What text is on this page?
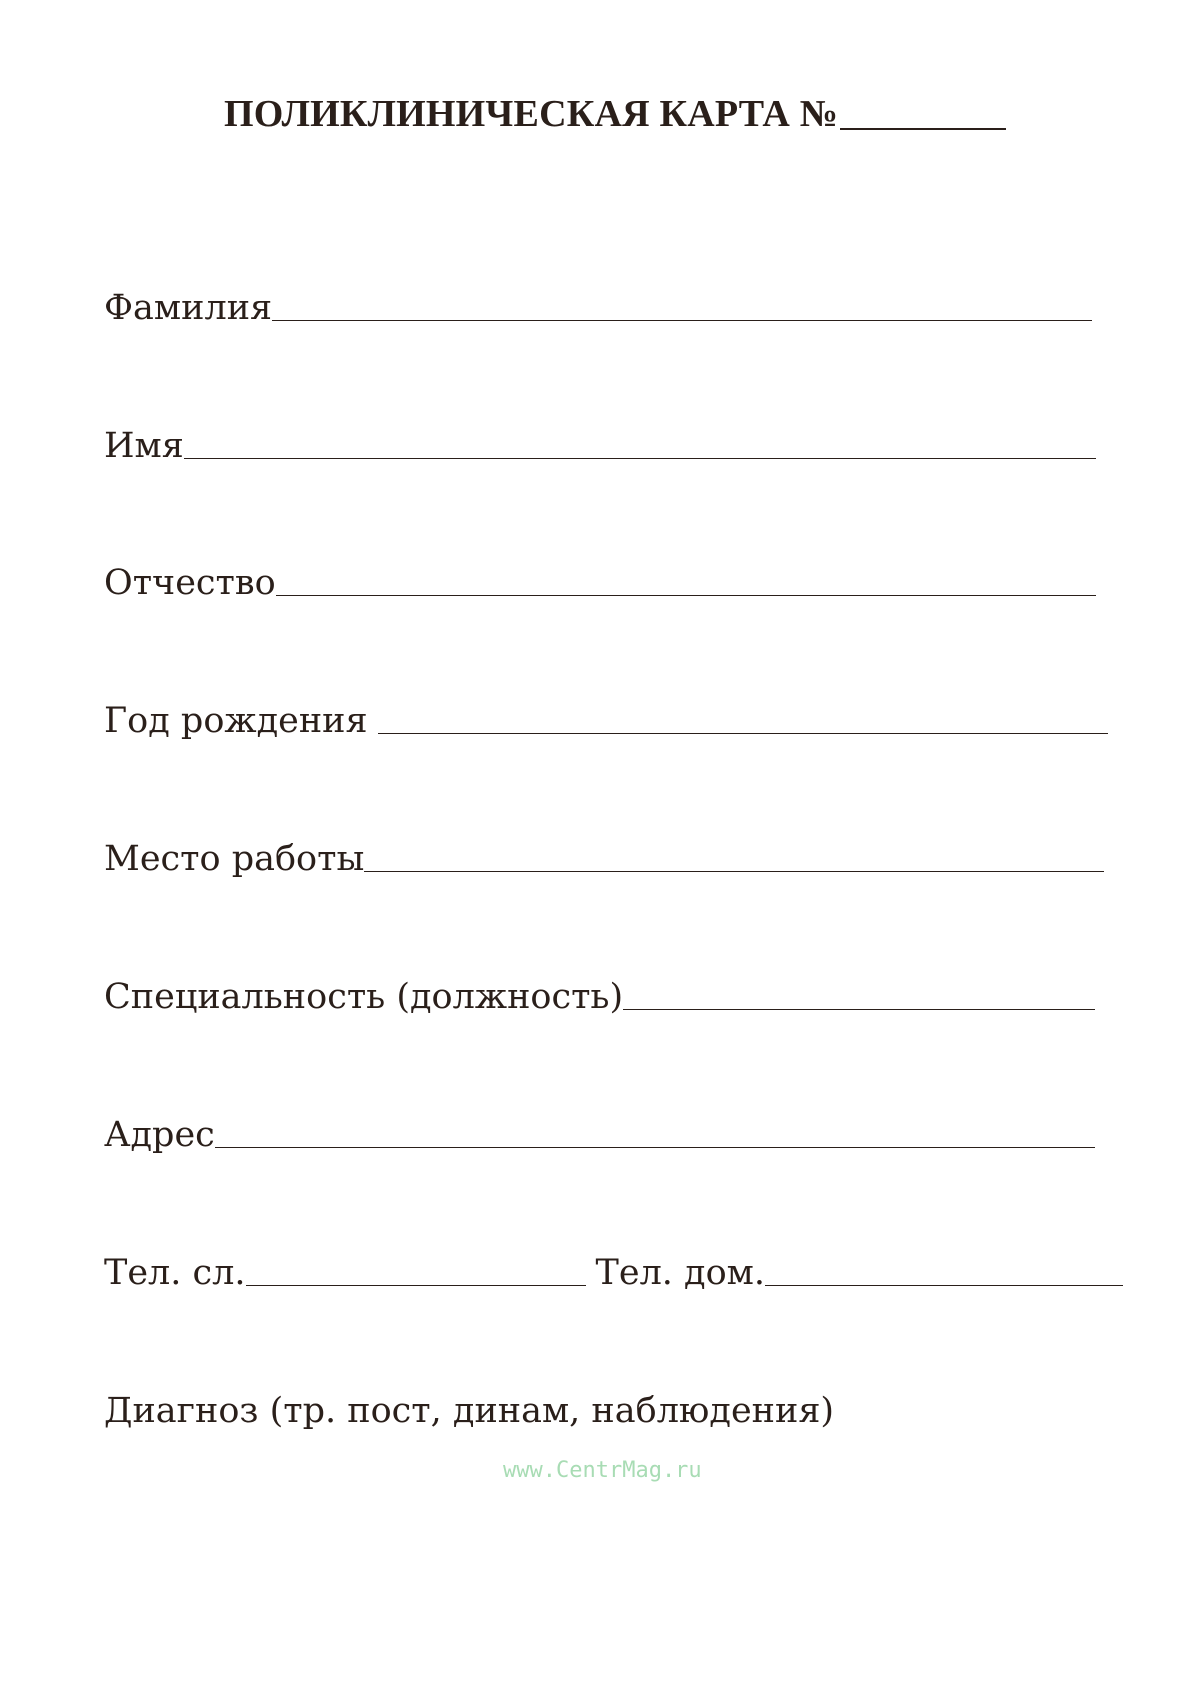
ПОЛИКЛИНИЧЕСКАЯ КАРТА №
Фамилия
Имя
Отчество
Год рождения
Место работы
Специальность (должность)
Адрес
Тел. сл.	Тел. дом.
Диагноз (тр. пост, динам, наблюдения)
www.CentrMag.ru
